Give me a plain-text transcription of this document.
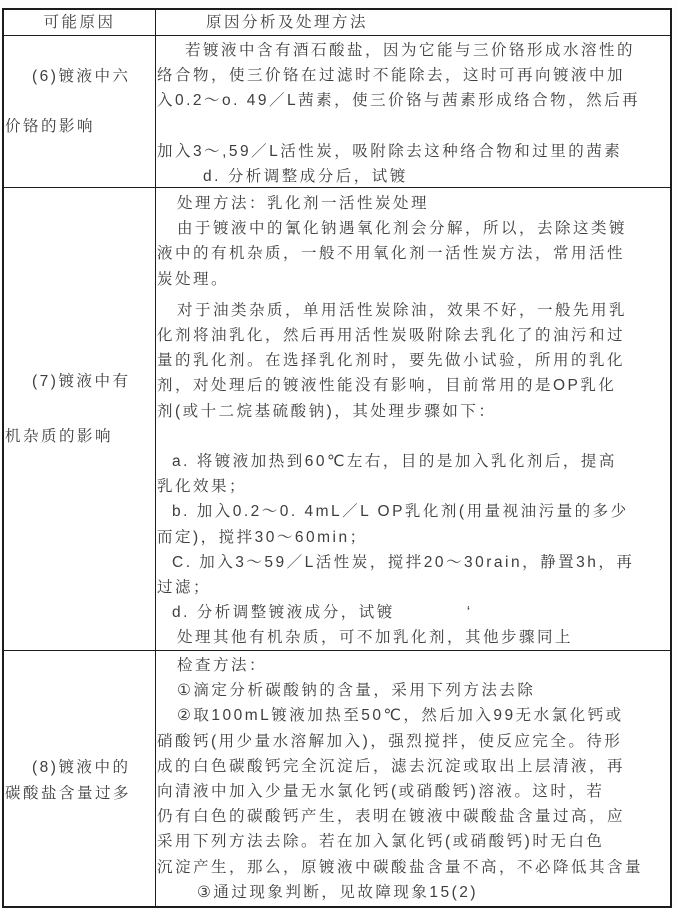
可能原因	原因分析及处理方法
(6)镀液中六
价铬的影响
若镀液中含有酒石酸盐，因为它能与三价铬形成水溶性的
络合物，使三价铬在过滤时不能除去，这时可再向镀液中加
入0.2～o. 49／L茜素，使三价铬与茜素形成络合物，然后再
加入3～,59／L活性炭，吸附除去这种络合物和过里的茜素
d. 分析调整成分后，试镀
(7)镀液中有
机杂质的影响
处理方法：乳化剂一活性炭处理
由于镀液中的氰化钠遇氧化剂会分解，所以，去除这类镀
液中的有机杂质，一般不用氧化剂一活性炭方法，常用活性
炭处理。
对于油类杂质，单用活性炭除油，效果不好，一般先用乳
化剂将油乳化，然后再用活性炭吸附除去乳化了的油污和过
量的乳化剂。在选择乳化剂时，要先做小试验，所用的乳化
剂，对处理后的镀液性能没有影响，目前常用的是OP乳化
剂(或十二烷基硫酸钠)，其处理步骤如下：
a. 将镀液加热到60℃左右，目的是加入乳化剂后，提高
乳化效果；
b. 加入0.2～0. 4mL／L OP乳化剂(用量视油污量的多少
而定)，搅拌30～60min；
C. 加入3～59／L活性炭，搅拌20～30rain，静置3h，再
过滤；
d. 分析调整镀液成分，试镀　　　　‘
处理其他有机杂质，可不加乳化剂，其他步骤同上
(8)镀液中的
碳酸盐含量过多
检查方法：
①滴定分析碳酸钠的含量，采用下列方法去除
②取100mL镀液加热至50℃，然后加入99无水氯化钙或
硝酸钙(用少量水溶解加入)，强烈搅拌，使反应完全。待形
成的白色碳酸钙完全沉淀后，滤去沉淀或取出上层清液，再
向清液中加入少量无水氯化钙(或硝酸钙)溶液。这时，若
仍有白色的碳酸钙产生，表明在镀液中碳酸盐含量过高，应
采用下列方法去除。若在加入氯化钙(或硝酸钙)时无白色
沉淀产生，那么，原镀液中碳酸盐含量不高，不必降低其含量
③通过现象判断，见故障现象15(2)
